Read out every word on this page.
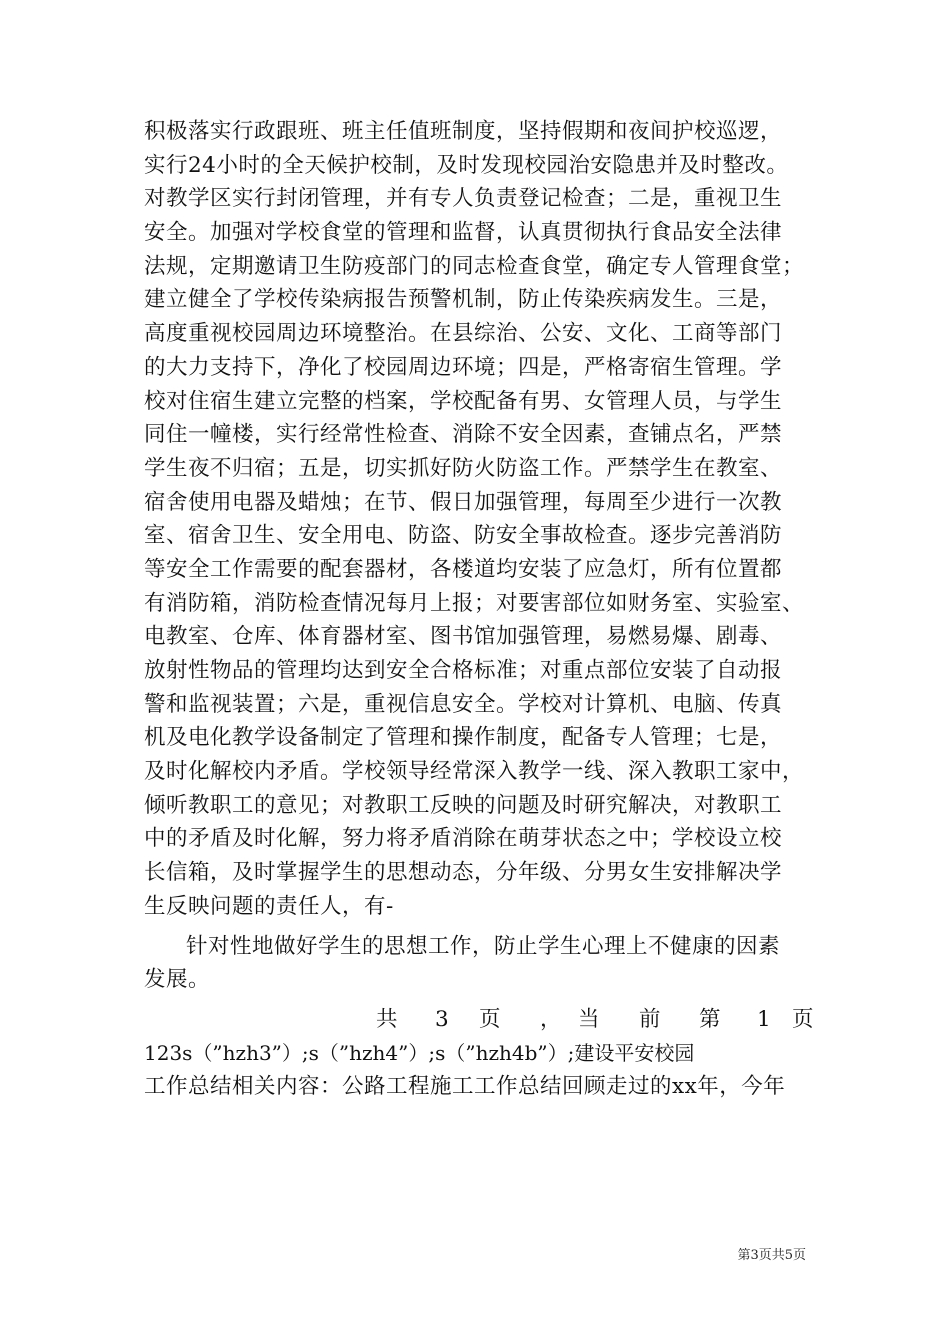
积极落实行政跟班、班主任值班制度，坚持假期和夜间护校巡逻，
实行24小时的全天候护校制，及时发现校园治安隐患并及时整改。
对教学区实行封闭管理，并有专人负责登记检查；二是，重视卫生
安全。加强对学校食堂的管理和监督，认真贯彻执行食品安全法律
法规，定期邀请卫生防疫部门的同志检查食堂，确定专人管理食堂；
建立健全了学校传染病报告预警机制，防止传染疾病发生。三是，
高度重视校园周边环境整治。在县综治、公安、文化、工商等部门
的大力支持下，净化了校园周边环境；四是，严格寄宿生管理。学
校对住宿生建立完整的档案，学校配备有男、女管理人员，与学生
同住一幢楼，实行经常性检查、消除不安全因素，查铺点名，严禁
学生夜不归宿；五是，切实抓好防火防盗工作。严禁学生在教室、
宿舍使用电器及蜡烛；在节、假日加强管理，每周至少进行一次教
室、宿舍卫生、安全用电、防盗、防安全事故检查。逐步完善消防
等安全工作需要的配套器材，各楼道均安装了应急灯，所有位置都
有消防箱，消防检查情况每月上报；对要害部位如财务室、实验室、
电教室、仓库、体育器材室、图书馆加强管理，易燃易爆、剧毒、
放射性物品的管理均达到安全合格标准；对重点部位安装了自动报
警和监视装置；六是，重视信息安全。学校对计算机、电脑、传真
机及电化教学设备制定了管理和操作制度，配备专人管理；七是，
及时化解校内矛盾。学校领导经常深入教学一线、深入教职工家中，
倾听教职工的意见；对教职工反映的问题及时研究解决，对教职工
中的矛盾及时化解，努力将矛盾消除在萌芽状态之中；学校设立校
长信箱，及时掌握学生的思想动态，分年级、分男女生安排解决学
生反映问题的责任人，有-
针对性地做好学生的思想工作，防止学生心理上不健康的因素
发展。
共 3 页 ， 当 前 第 1 页
123s（”hzh3”）;s（”hzh4”）;s（”hzh4b”）;建设平安校园
工作总结相关内容：公路工程施工工作总结回顾走过的xx年，今年
第3页共5页
